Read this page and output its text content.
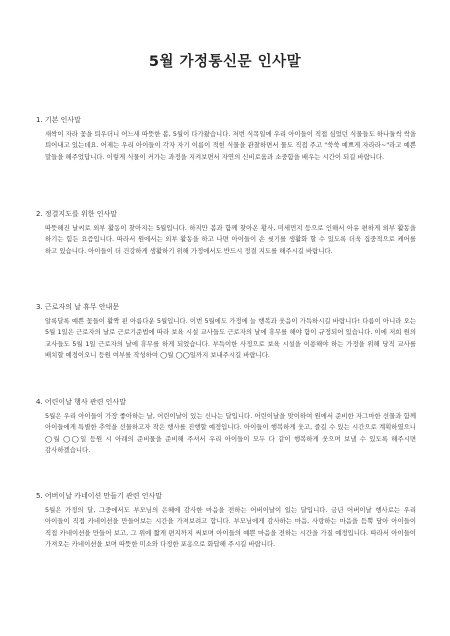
5월 가정통신문 인사말
1. 기본 인사말
새싹이 자라 꽃을 틔우더니 어느새 따뜻한 봄, 5월이 다가왔습니다. 저번 식목일에 우리 아이들이 직접 심었던 식물들도 하나둘씩 싹을 틔어내고 있는데요. 어제는 우리 아이들이 각자 자기 이름이 적힌 식물을 관찰하면서 물도 직접 주고 "쑥쑥 예쁘게 자라라~"라고 예쁜 말들을 해주었답니다. 이렇게 식물이 커가는 과정을 지켜보면서 자연의 신비로움과 소중함을 배우는 시간이 되길 바랍니다.
2. 정결지도를 위한 인사말
따뜻해진 날씨로 외부 활동이 찾아지는 5월입니다. 하지만 봄과 함께 찾아온 황사, 미세먼지 등으로 인해서 아유 편하게 외부 활동을 하기는 힘든 요즘입니다. 따라서 원에서는 외부 활동을 하고 나면 아이들이 손 씻기를 생활화 할 수 있도록 더욱 집중적으로 케어를 하고 있습니다. 아이들이 더 건강하게 생활하기 위해 가정에서도 반드시 정결 지도를 해주시길 바랍니다.
3. 근로자의 날 휴무 안내문
알록달록 예쁜 꽃들이 활짝 핀 아름다운 5월입니다. 이번 5월에도 가정에 늘 행복과 웃음이 가득하시길 바랍니다! 다름이 아니라 오는 5월 1일은 근로자의 날로 근로기준법에 따라 보육 시설 교사들도 근로자의 날에 휴무를 해야 함이 규정되어 있습니다. 이에 저희 원의 교사들도 5월 1일 근로자의 날에 휴무를 하게 되었습니다. 부득이한 사정으로 보육 시설을 이용해야 하는 가정을 위해 당직 교사를 배치할 예정이오니 등원 여부를 작성하여 ◯월 ◯◯일까지 보내주시길 바랍니다.
4. 어린이날 행사 관련 인사말
5월은 우리 아이들이 가장 좋아하는 날, 어린이날이 있는 신나는 달입니다. 어린이날을 맞이하여 원에서 준비한 자그마한 선물과 함께 아이들에게 특별한 추억을 선물하고자 작은 행사를 진행할 예정입니다. 아이들이 행복하게 웃고, 즐길 수 있는 시간으로 계획하였으니 ◯월 ◯◯일 등원 시 아래의 준비물을 준비해 주셔서 우리 아이들이 모두 다 같이 행복하게 웃으며 보낼 수 있도록 해주시면 감사하겠습니다.
5. 어버이날 카네이션 만들기 관련 인사말
5월은 가정의 달, 그중에서도 부모님의 은혜에 감사한 마음을 전하는 어버이날이 있는 달입니다. 금년 어버이날 행사로는 우리 아이들이 직접 카네이션을 만들어보는 시간을 가져보려고 합니다. 부모님에게 감사하는 마음, 사랑하는 마음을 듬뿍 담아 아이들이 직접 카네이션을 만들어 보고, 그 위에 짧게 편지까지 써보며 아이들의 예쁜 마음을 전하는 시간을 가질 예정입니다. 따라서 아이들이 가져오는 카네이션을 보며 따뜻한 미소와 다정한 포옹으로 화답해 주시길 바랍니다.
